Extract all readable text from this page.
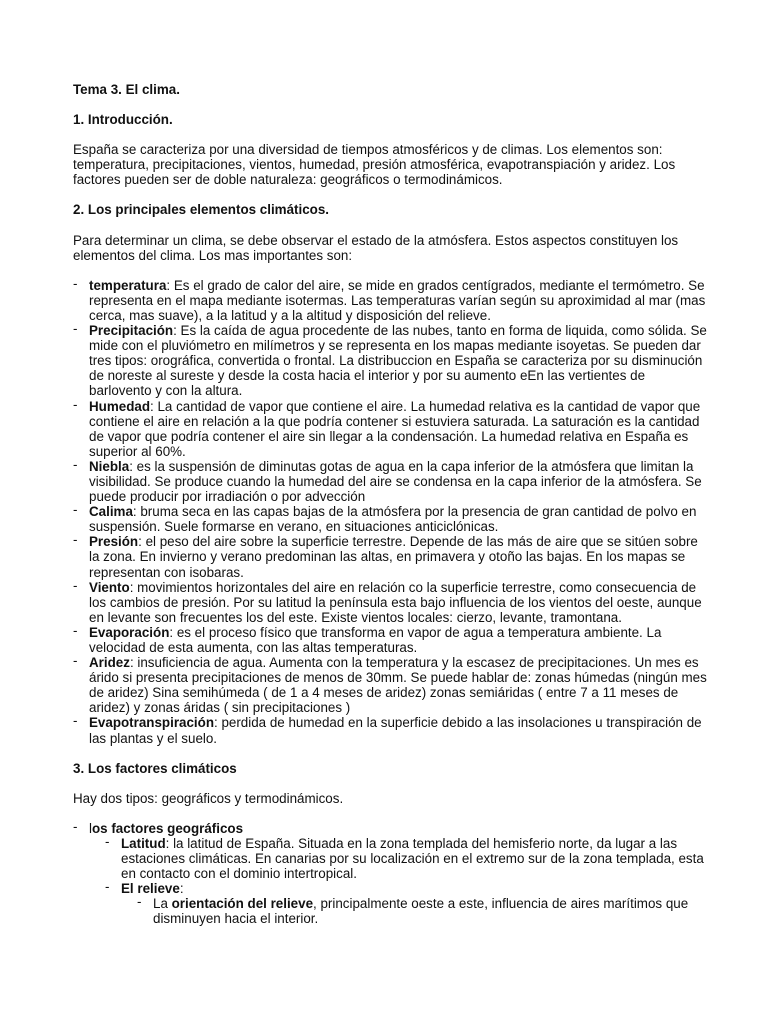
Tema 3. El clima.

1. Introducción.

España se caracteriza por una diversidad de tiempos atmosféricos y de climas. Los elementos son: temperatura, precipitaciones, vientos, humedad, presión atmosférica, evapotranspiación y aridez. Los factores pueden ser de doble naturaleza: geográficos o termodinámicos.

2. Los principales elementos climáticos.

Para determinar un clima, se debe observar el estado de la atmósfera. Estos aspectos constituyen los elementos del clima. Los mas importantes son:

- temperatura: Es el grado de calor del aire, se mide en grados centígrados, mediante el termómetro. Se representa en el mapa mediante isotermas. Las temperaturas varían según su aproximidad al mar (mas cerca, mas suave), a la latitud y a la altitud y disposición del relieve.
- Precipitación: Es la caída de agua procedente de las nubes, tanto en forma de liquida, como sólida. Se mide con el pluviómetro en milímetros y se representa en los mapas mediante isoyetas. Se pueden dar tres tipos: orográfica, convertida o frontal. La distribuccion en España se caracteriza por su disminución de noreste al sureste y desde la costa hacia el interior y por su aumento eEn las vertientes de barlovento y con la altura.
- Humedad: La cantidad de vapor que contiene el aire. La humedad relativa es la cantidad de vapor que contiene el aire en relación a la que podría contener si estuviera saturada. La saturación es la cantidad de vapor que podría contener el aire sin llegar a la condensación. La humedad relativa en España es superior al 60%.
- Niebla: es la suspensión de diminutas gotas de agua en la capa inferior de la atmósfera que limitan la visibilidad. Se produce cuando la humedad del aire se condensa en la capa inferior de la atmósfera. Se puede producir por irradiación o por advección
- Calima: bruma seca en las capas bajas de la atmósfera por la presencia de gran cantidad de polvo en suspensión. Suele formarse en verano, en situaciones anticiclónicas.
- Presión: el peso del aire sobre la superficie terrestre. Depende de las más de aire que se sitúen sobre la zona. En invierno y verano predominan las altas, en primavera y otoño las bajas. En los mapas se representan con isobaras.
- Viento: movimientos horizontales del aire en relación co la superficie terrestre, como consecuencia de los cambios de presión. Por su latitud la península esta bajo influencia de los vientos del oeste, aunque en levante son frecuentes los del este. Existe vientos locales: cierzo, levante, tramontana.
- Evaporación: es el proceso físico que transforma en vapor de agua a temperatura ambiente. La velocidad de esta aumenta, con las altas temperaturas.
- Aridez: insuficiencia de agua. Aumenta con la temperatura y la escasez de precipitaciones. Un mes es árido si presenta precipitaciones de menos de 30mm. Se puede hablar de: zonas húmedas (ningún mes de aridez) Sina semihúmeda ( de 1 a 4 meses de aridez) zonas semiáridas ( entre 7 a 11 meses de aridez) y zonas áridas ( sin precipitaciones )
- Evapotranspiración: perdida de humedad en la superficie debido a las insolaciones u transpiración de las plantas y el suelo.

3. Los factores climáticos

Hay dos tipos: geográficos y termodinámicos.

- los factores geográficos
- Latitud: la latitud de España. Situada en la zona templada del hemisferio norte, da lugar a las estaciones climáticas. En canarias por su localización en el extremo sur de la zona templada, esta en contacto con el dominio intertropical.
- El relieve:
- La orientación del relieve, principalmente oeste a este, influencia de aires marítimos que disminuyen hacia el interior.
